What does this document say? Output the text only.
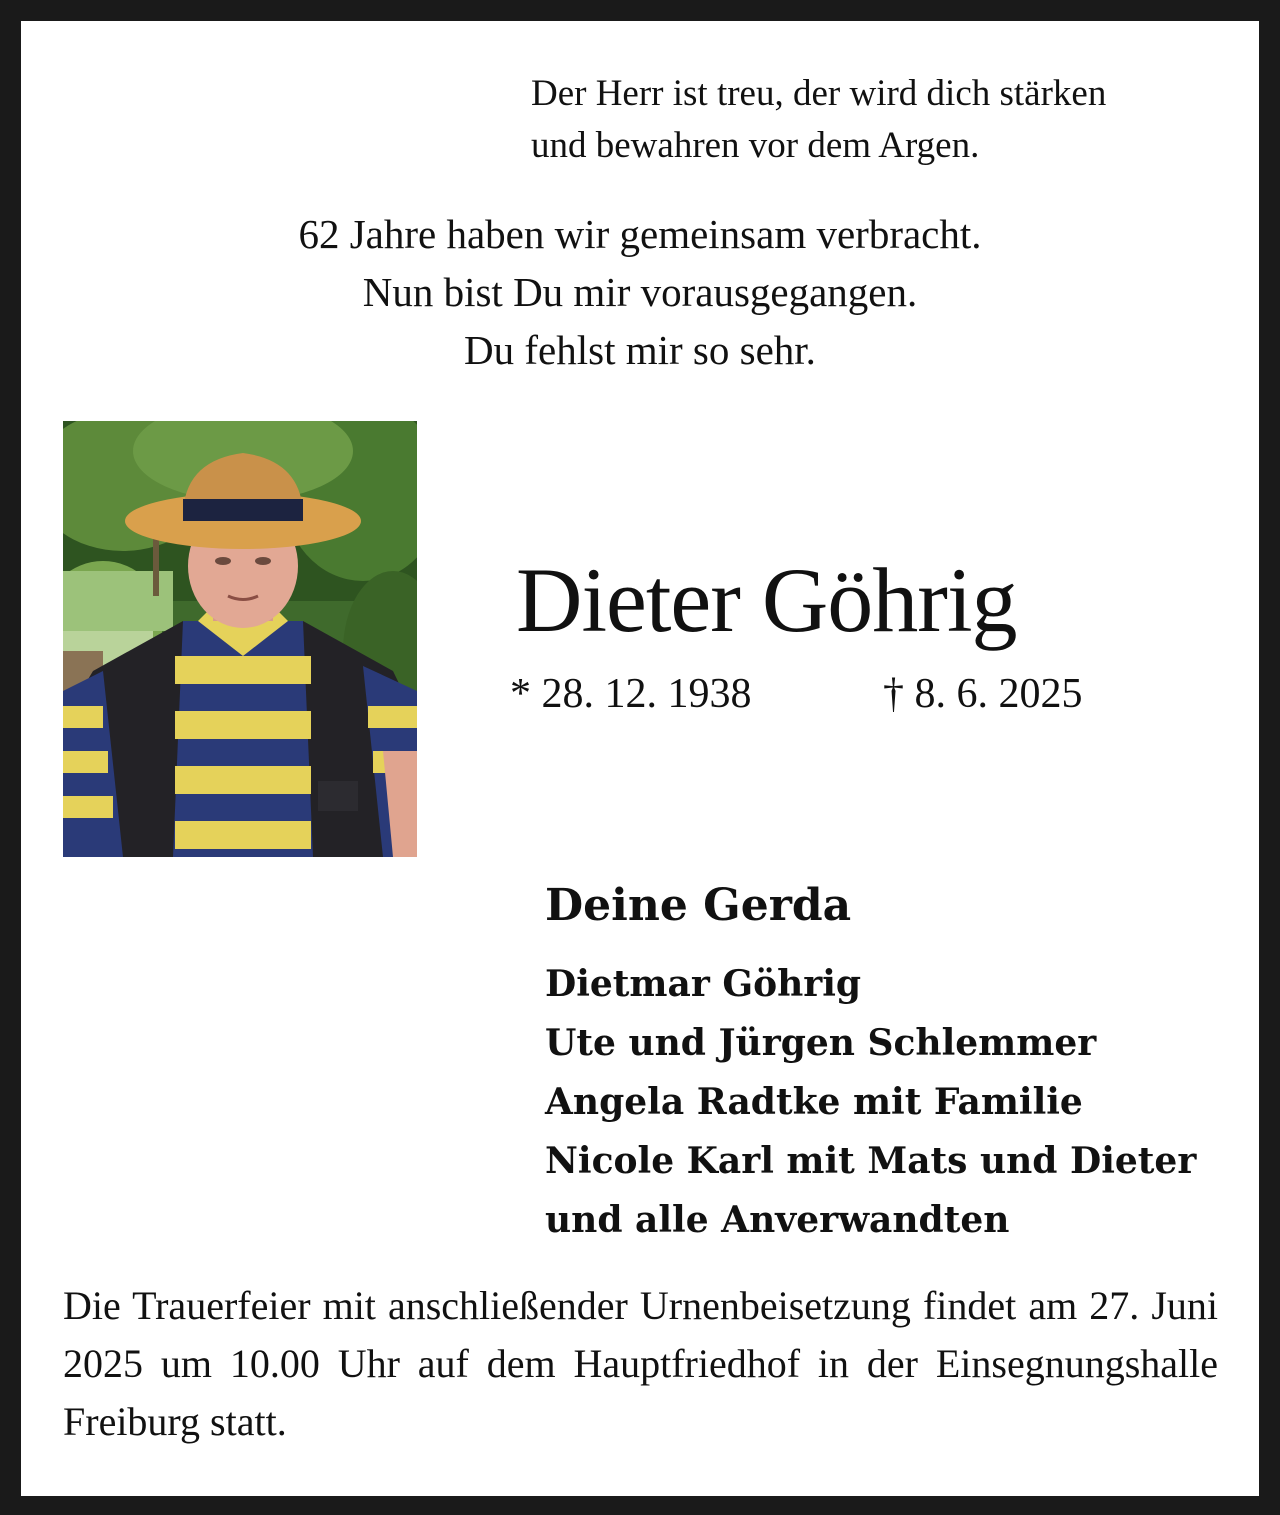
Der Herr ist treu, der wird dich stärken
und bewahren vor dem Argen.
62 Jahre haben wir gemeinsam verbracht.
Nun bist Du mir vorausgegangen.
Du fehlst mir so sehr.
Dieter Göhrig
* 28. 12. 1938	† 8. 6. 2025
Deine Gerda
Dietmar Göhrig
Ute und Jürgen Schlemmer
Angela Radtke mit Familie
Nicole Karl mit Mats und Dieter
und alle Anverwandten
Die Trauerfeier mit anschließender Urnenbeisetzung findet am 27. Juni 2025 um 10.00 Uhr auf dem Hauptfriedhof in der Einsegnungshalle Freiburg statt.
